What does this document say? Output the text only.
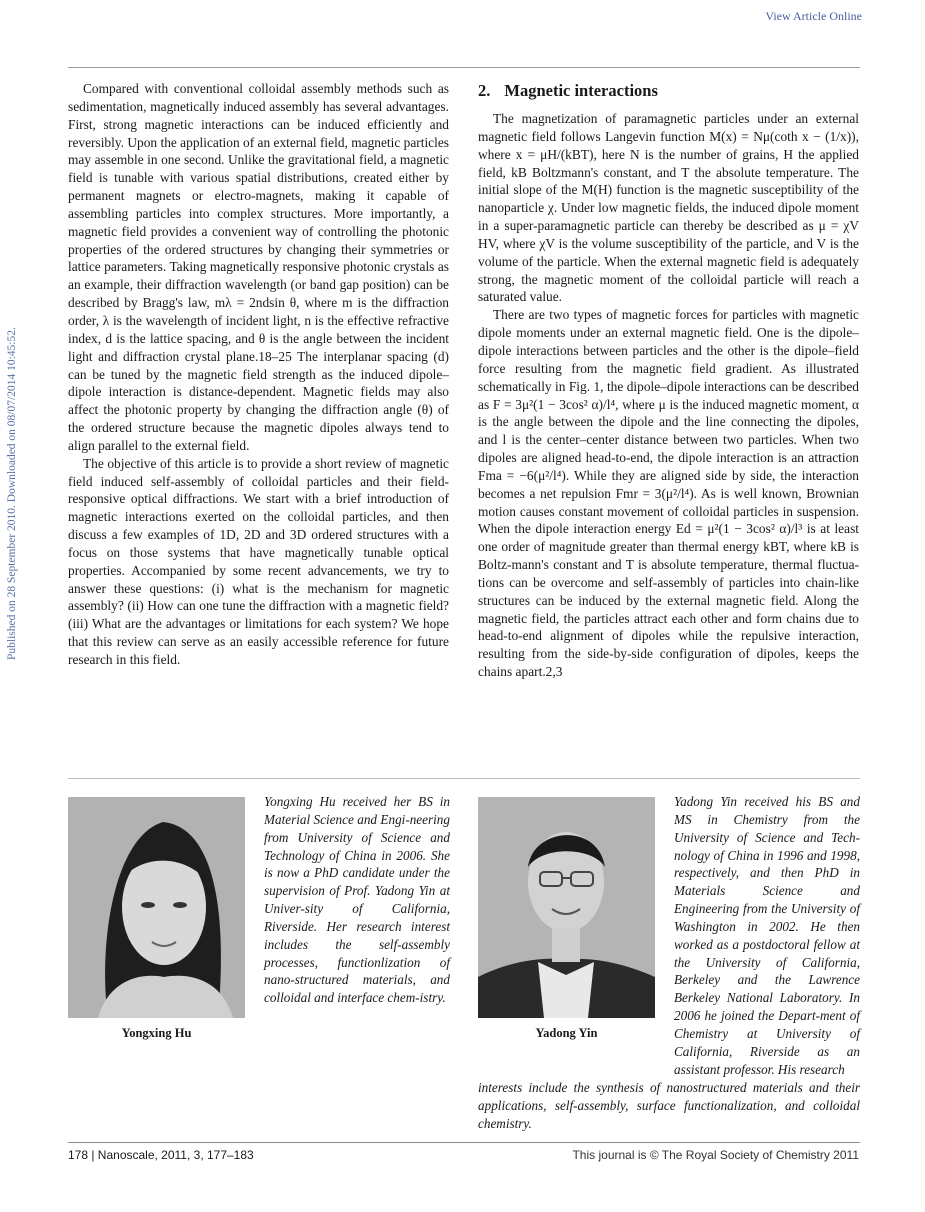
View Article Online
Published on 28 September 2010. Downloaded on 08/07/2014 10:45:52.

Compared with conventional colloidal assembly methods such as sedimentation, magnetically induced assembly has several advantages. First, strong magnetic interactions can be induced efficiently and reversibly. Upon the application of an external field, magnetic particles may assemble in one second. Unlike the gravitational field, a magnetic field is tunable with various spatial distributions, created either by permanent magnets or electro-magnets, making it capable of assembling particles into complex structures. More importantly, a magnetic field provides a convenient way of controlling the photonic properties of the ordered structures by changing their symmetries or lattice parameters. Taking magnetically responsive photonic crystals as an example, their diffraction wavelength (or band gap position) can be described by Bragg's law, mλ = 2ndsin θ, where m is the diffraction order, λ is the wavelength of incident light, n is the effective refractive index, d is the lattice spacing, and θ is the angle between the incident light and diffraction crystal plane.18–25 The interplanar spacing (d) can be tuned by the magnetic field strength as the induced dipole–dipole interaction is distance-dependent. Magnetic fields may also affect the photonic property by changing the diffraction angle (θ) of the ordered structure because the magnetic dipoles always tend to align parallel to the external field.

The objective of this article is to provide a short review of magnetic field induced self-assembly of colloidal particles and their field-responsive optical diffractions. We start with a brief introduction of magnetic interactions exerted on the colloidal particles, and then discuss a few examples of 1D, 2D and 3D ordered structures with a focus on those systems that have magnetically tunable optical properties. Accompanied by some recent advancements, we try to answer these questions: (i) what is the mechanism for magnetic assembly? (ii) How can one tune the diffraction with a magnetic field? (iii) What are the advantages or limitations for each system? We hope that this review can serve as an easily accessible reference for future research in this field.

2. Magnetic interactions

The magnetization of paramagnetic particles under an external magnetic field follows Langevin function M(x) = Nμ(coth x − (1/x)), where x = μH/(kBT), here N is the number of grains, H the applied field, kB Boltzmann's constant, and T the absolute temperature. The initial slope of the M(H) function is the magnetic susceptibility of the nanoparticle χ. Under low magnetic fields, the induced dipole moment in a super-paramagnetic particle can thereby be described as μ = χV HV, where χV is the volume susceptibility of the particle, and V is the volume of the particle. When the external magnetic field is adequately strong, the magnetic moment of the colloidal particle will reach a saturated value.

There are two types of magnetic forces for particles with magnetic dipole moments under an external magnetic field. One is the dipole–dipole interactions between particles and the other is the dipole–field force resulting from the magnetic field gradient. As illustrated schematically in Fig. 1, the dipole–dipole interactions can be described as F = 3μ²(1 − 3cos² α)/l⁴, where μ is the induced magnetic moment, α is the angle between the dipole and the line connecting the dipoles, and l is the center–center distance between two particles. When two dipoles are aligned head-to-end, the dipole interaction is an attraction Fma = −6(μ²/l⁴). While they are aligned side by side, the interaction becomes a net repulsion Fmr = 3(μ²/l⁴). As is well known, Brownian motion causes constant movement of colloidal particles in suspension. When the dipole interaction energy Ed = μ²(1 − 3cos² α)/l³ is at least one order of magnitude greater than thermal energy kBT, where kB is Boltz-mann's constant and T is absolute temperature, thermal fluctua-tions can be overcome and self-assembly of particles into chain-like structures can be induced by the external magnetic field. Along the magnetic field, the particles attract each other and form chains due to head-to-end alignment of dipoles while the repulsive interaction, resulting from the side-by-side configuration of dipoles, keeps the chains apart.2,3

Yongxing Hu
Yongxing Hu received her BS in Material Science and Engi-neering from University of Science and Technology of China in 2006. She is now a PhD candidate under the supervision of Prof. Yadong Yin at Univer-sity of California, Riverside. Her research interest includes the self-assembly processes, functionlization of nano-structured materials, and colloidal and interface chem-istry.
Yadong Yin
Yadong Yin received his BS and MS in Chemistry from the University of Science and Tech-nology of China in 1996 and 1998, respectively, and then PhD in Materials Science and Engineering from the University of Washington in 2002. He then worked as a postdoctoral fellow at the University of California, Berkeley and the Lawrence Berkeley National Laboratory. In 2006 he joined the Depart-ment of Chemistry at University of California, Riverside as an assistant professor. His research
interests include the synthesis of nanostructured materials and their applications, self-assembly, surface functionalization, and colloidal chemistry.
178 | Nanoscale, 2011, 3, 177–183	This journal is © The Royal Society of Chemistry 2011
